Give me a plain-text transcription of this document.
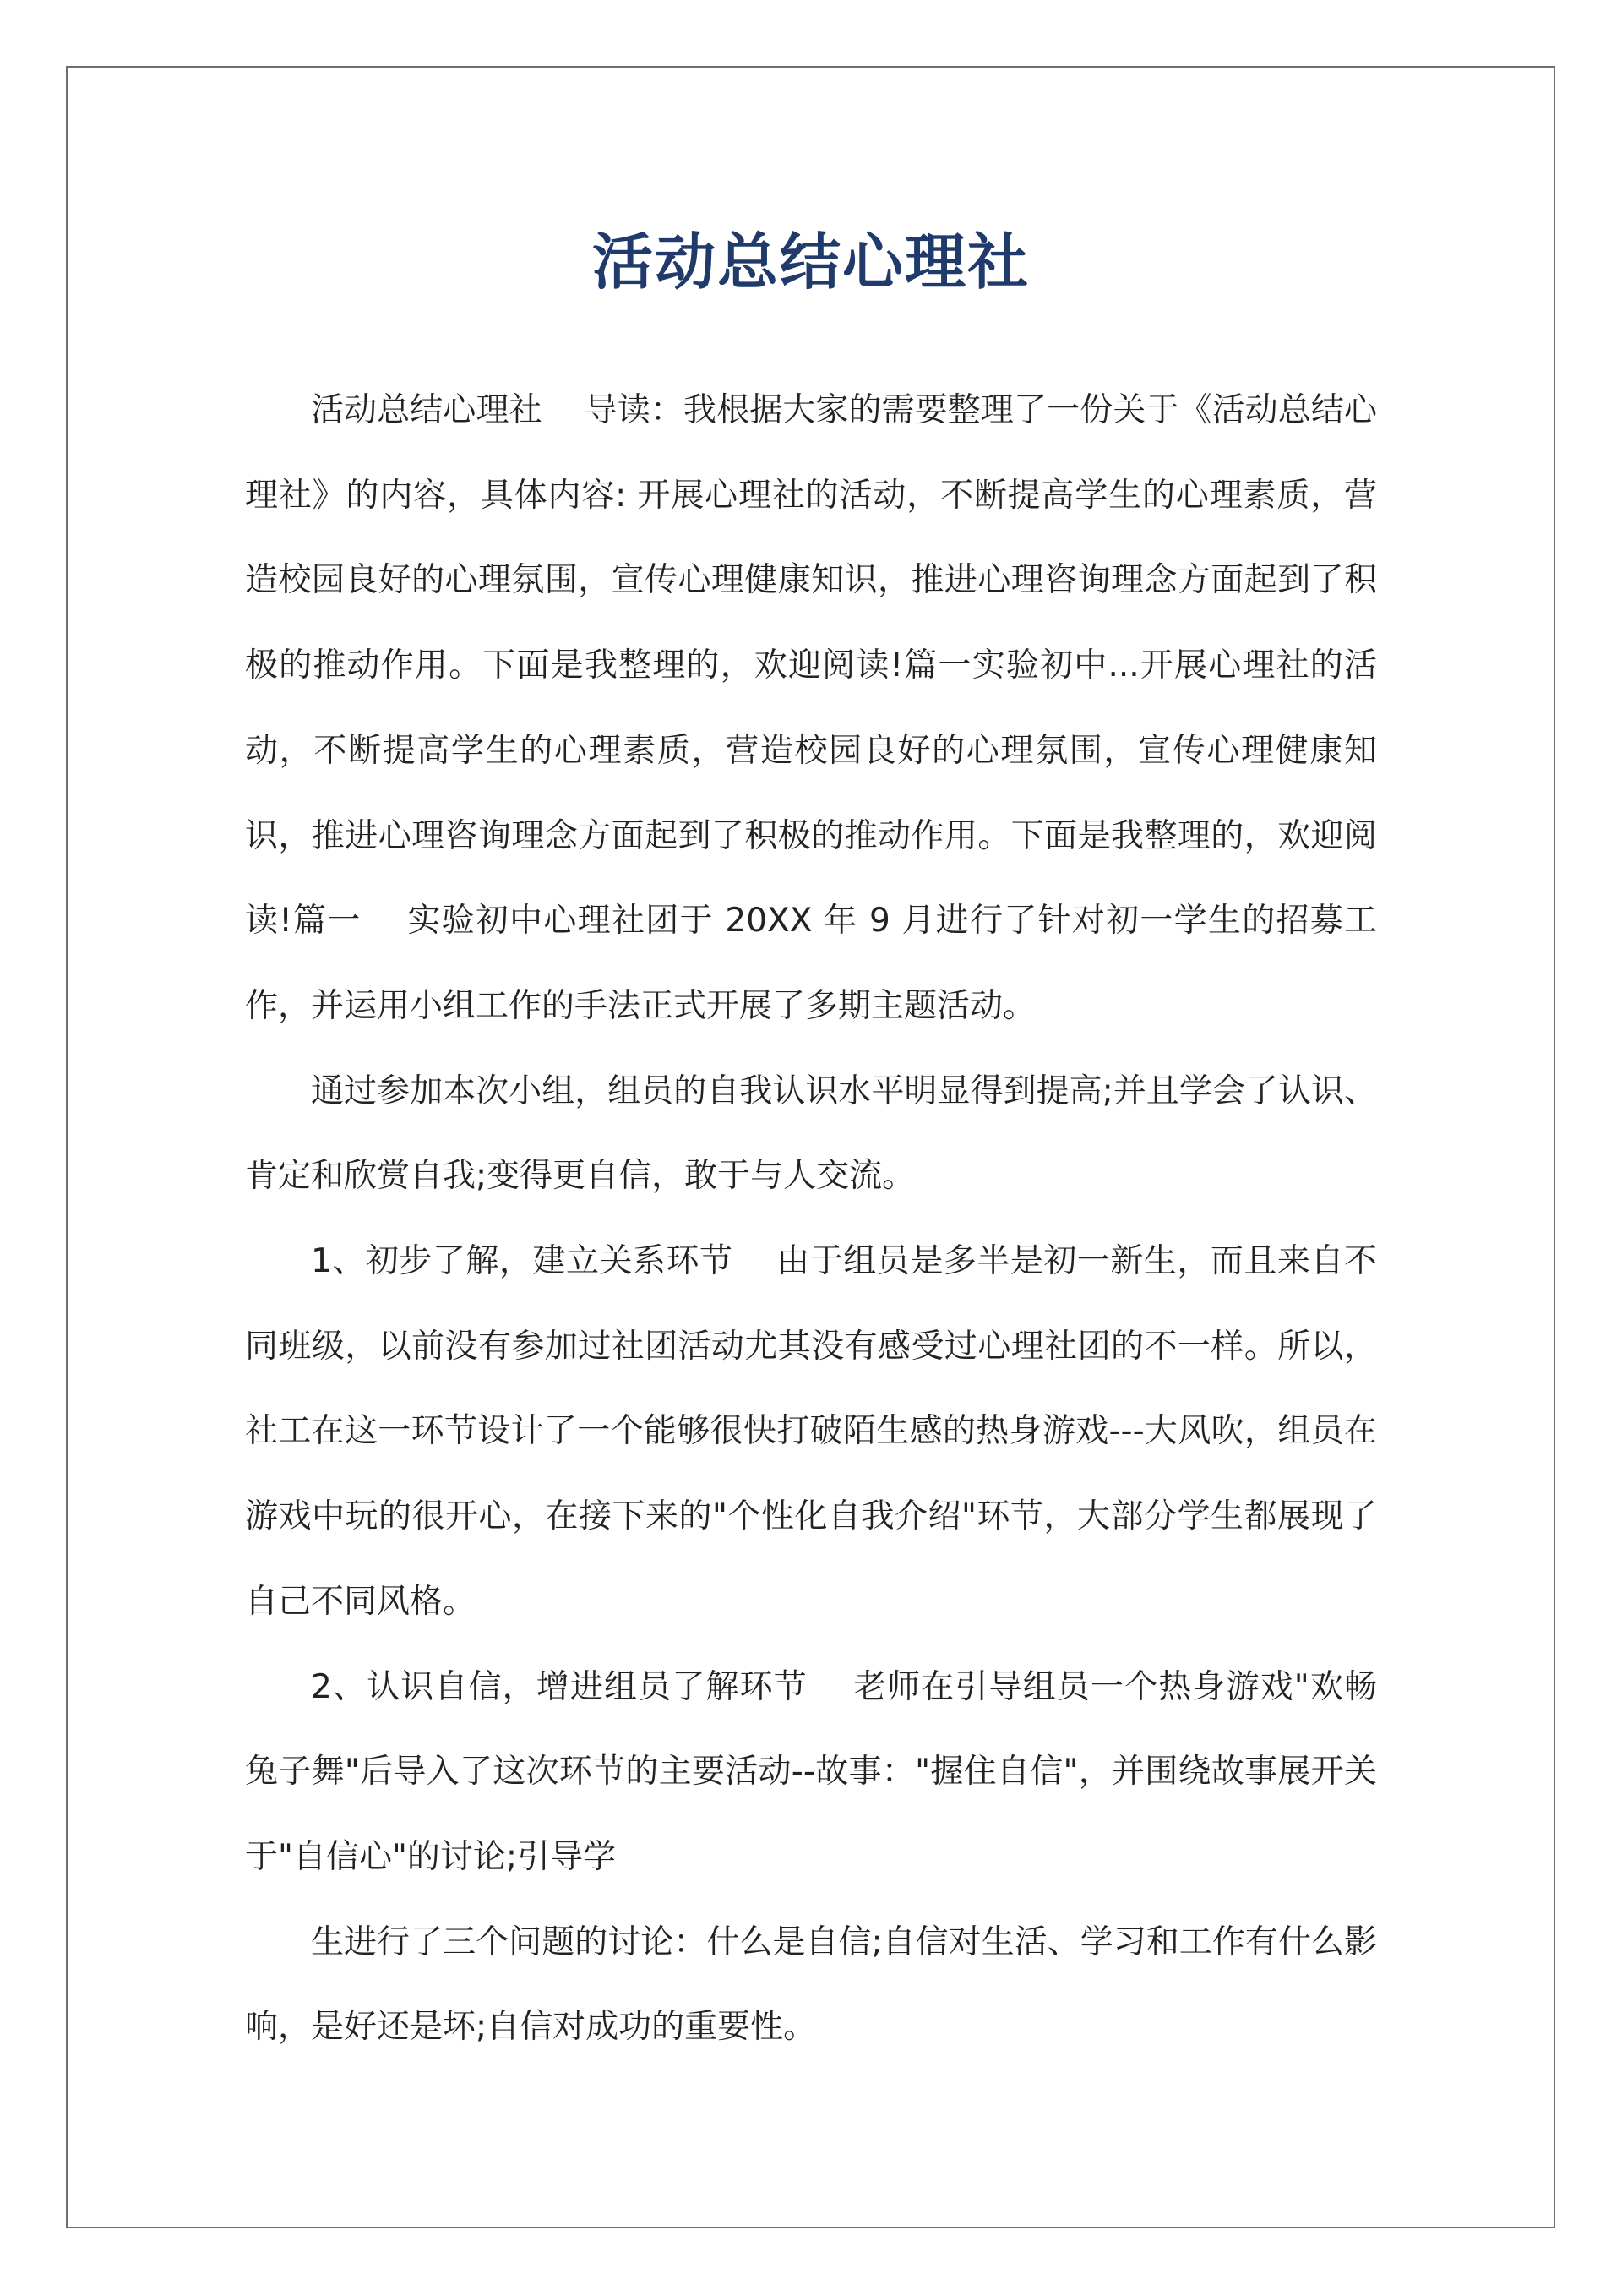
活动总结心理社

活动总结心理社    导读：我根据大家的需要整理了一份关于《活动总结心理社》的内容，具体内容: 开展心理社的活动，不断提高学生的心理素质，营造校园良好的心理氛围，宣传心理健康知识，推进心理咨询理念方面起到了积极的推动作用。下面是我整理的，欢迎阅读!篇一实验初中...开展心理社的活动，不断提高学生的心理素质，营造校园良好的心理氛围，宣传心理健康知识，推进心理咨询理念方面起到了积极的推动作用。下面是我整理的，欢迎阅读!篇一    实验初中心理社团于 20XX 年 9 月进行了针对初一学生的招募工作，并运用小组工作的手法正式开展了多期主题活动。

通过参加本次小组，组员的自我认识水平明显得到提高;并且学会了认识、肯定和欣赏自我;变得更自信，敢于与人交流。

1、初步了解，建立关系环节    由于组员是多半是初一新生，而且来自不同班级，以前没有参加过社团活动尤其没有感受过心理社团的不一样。所以，社工在这一环节设计了一个能够很快打破陌生感的热身游戏---大风吹，组员在游戏中玩的很开心，在接下来的"个性化自我介绍"环节，大部分学生都展现了自己不同风格。

2、认识自信，增进组员了解环节    老师在引导组员一个热身游戏"欢畅兔子舞"后导入了这次环节的主要活动--故事："握住自信"，并围绕故事展开关于"自信心"的讨论;引导学

生进行了三个问题的讨论：什么是自信;自信对生活、学习和工作有什么影响，是好还是坏;自信对成功的重要性。
